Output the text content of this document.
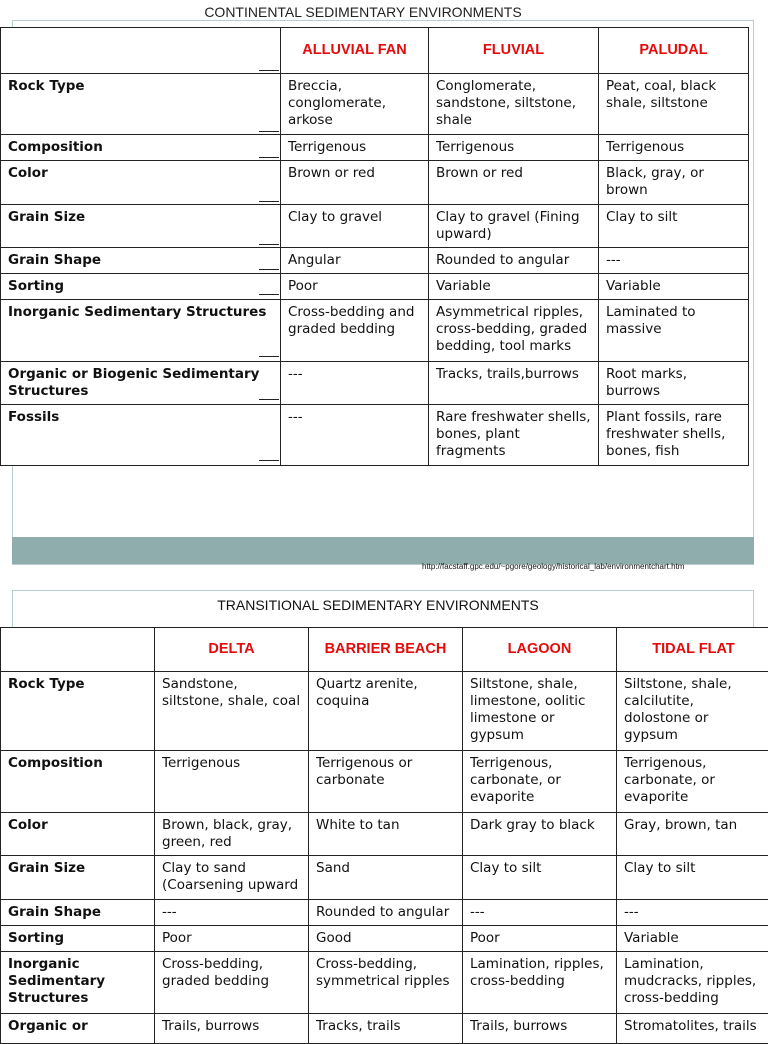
CONTINENTAL SEDIMENTARY ENVIRONMENTS
	ALLUVIAL FAN	FLUVIAL	PALUDAL
Rock Type	Breccia, conglomerate, arkose	Conglomerate, sandstone, siltstone, shale	Peat, coal, black shale, siltstone
Composition	Terrigenous	Terrigenous	Terrigenous
Color	Brown or red	Brown or red	Black, gray, or brown
Grain Size	Clay to gravel	Clay to gravel (Fining upward)	Clay to silt
Grain Shape	Angular	Rounded to angular	---
Sorting	Poor	Variable	Variable
Inorganic Sedimentary Structures	Cross-bedding and graded bedding	Asymmetrical ripples, cross-bedding, graded bedding, tool marks	Laminated to massive
Organic or Biogenic Sedimentary Structures	---	Tracks, trails,burrows	Root marks, burrows
Fossils	---	Rare freshwater shells, bones, plant fragments	Plant fossils, rare freshwater shells, bones, fish
http://facstaff.gpc.edu/~pgore/geology/historical_lab/environmentchart.htm
TRANSITIONAL SEDIMENTARY ENVIRONMENTS
	DELTA	BARRIER BEACH	LAGOON	TIDAL FLAT
Rock Type	Sandstone, siltstone, shale, coal	Quartz arenite, coquina	Siltstone, shale, limestone, oolitic limestone or gypsum	Siltstone, shale, calcilutite, dolostone or gypsum
Composition	Terrigenous	Terrigenous or carbonate	Terrigenous, carbonate, or evaporite	Terrigenous, carbonate, or evaporite
Color	Brown, black, gray, green, red	White to tan	Dark gray to black	Gray, brown, tan
Grain Size	Clay to sand (Coarsening upward	Sand	Clay to silt	Clay to silt
Grain Shape	---	Rounded to angular	---	---
Sorting	Poor	Good	Poor	Variable
Inorganic Sedimentary Structures	Cross-bedding, graded bedding	Cross-bedding, symmetrical ripples	Lamination, ripples, cross-bedding	Lamination, mudcracks, ripples, cross-bedding
Organic or	Trails, burrows	Tracks, trails	Trails, burrows	Stromatolites, trails
